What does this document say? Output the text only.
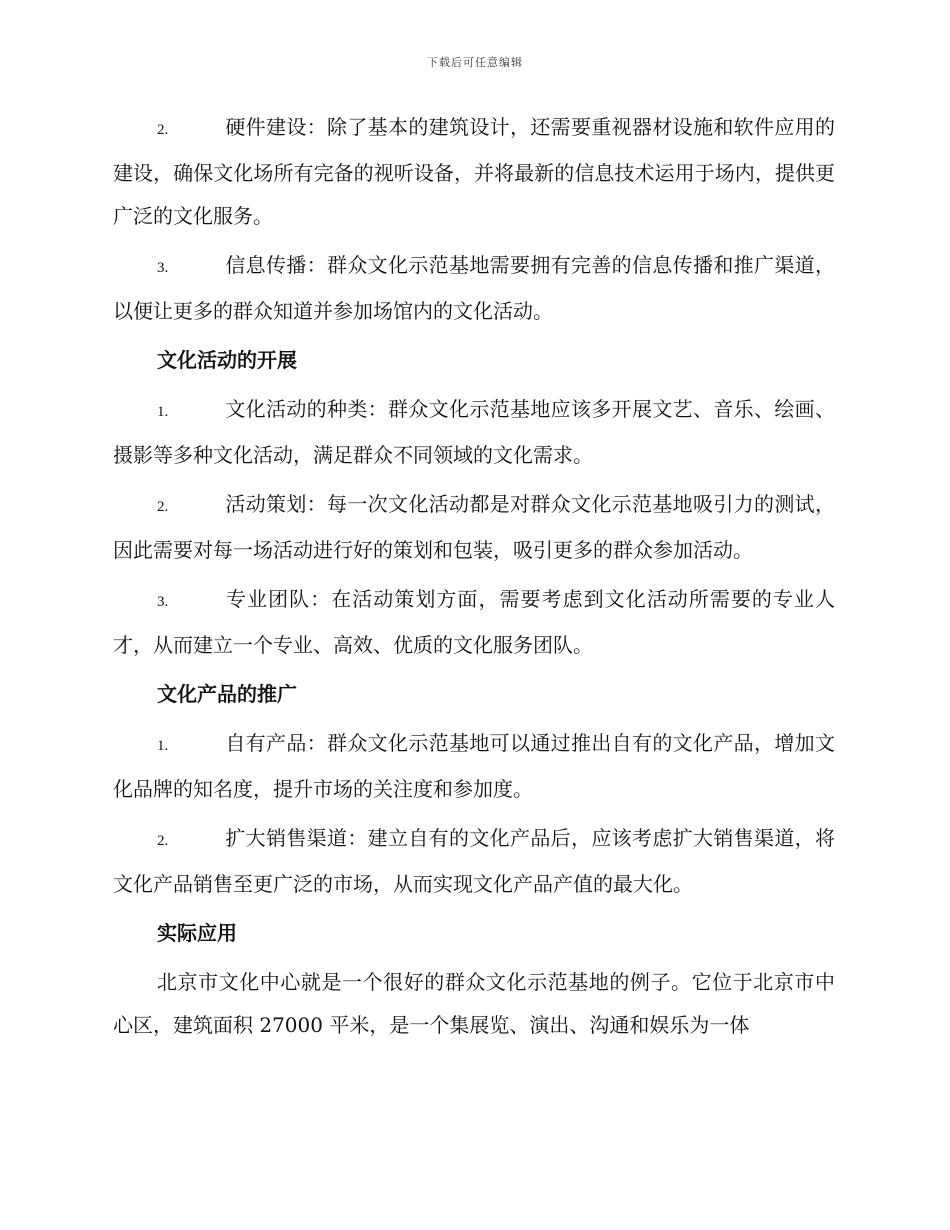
下载后可任意编辑

2.	硬件建设：除了基本的建筑设计，还需要重视器材设施和软件应用的建设，确保文化场所有完备的视听设备，并将最新的信息技术运用于场内，提供更广泛的文化服务。

3.	信息传播：群众文化示范基地需要拥有完善的信息传播和推广渠道，以便让更多的群众知道并参加场馆内的文化活动。

文化活动的开展

1.	文化活动的种类：群众文化示范基地应该多开展文艺、音乐、绘画、摄影等多种文化活动，满足群众不同领域的文化需求。

2.	活动策划：每一次文化活动都是对群众文化示范基地吸引力的测试，因此需要对每一场活动进行好的策划和包装，吸引更多的群众参加活动。

3.	专业团队：在活动策划方面，需要考虑到文化活动所需要的专业人才，从而建立一个专业、高效、优质的文化服务团队。

文化产品的推广

1.	自有产品：群众文化示范基地可以通过推出自有的文化产品，增加文化品牌的知名度，提升市场的关注度和参加度。

2.	扩大销售渠道：建立自有的文化产品后，应该考虑扩大销售渠道，将文化产品销售至更广泛的市场，从而实现文化产品产值的最大化。

实际应用

北京市文化中心就是一个很好的群众文化示范基地的例子。它位于北京市中心区，建筑面积 27000 平米，是一个集展览、演出、沟通和娱乐为一体
